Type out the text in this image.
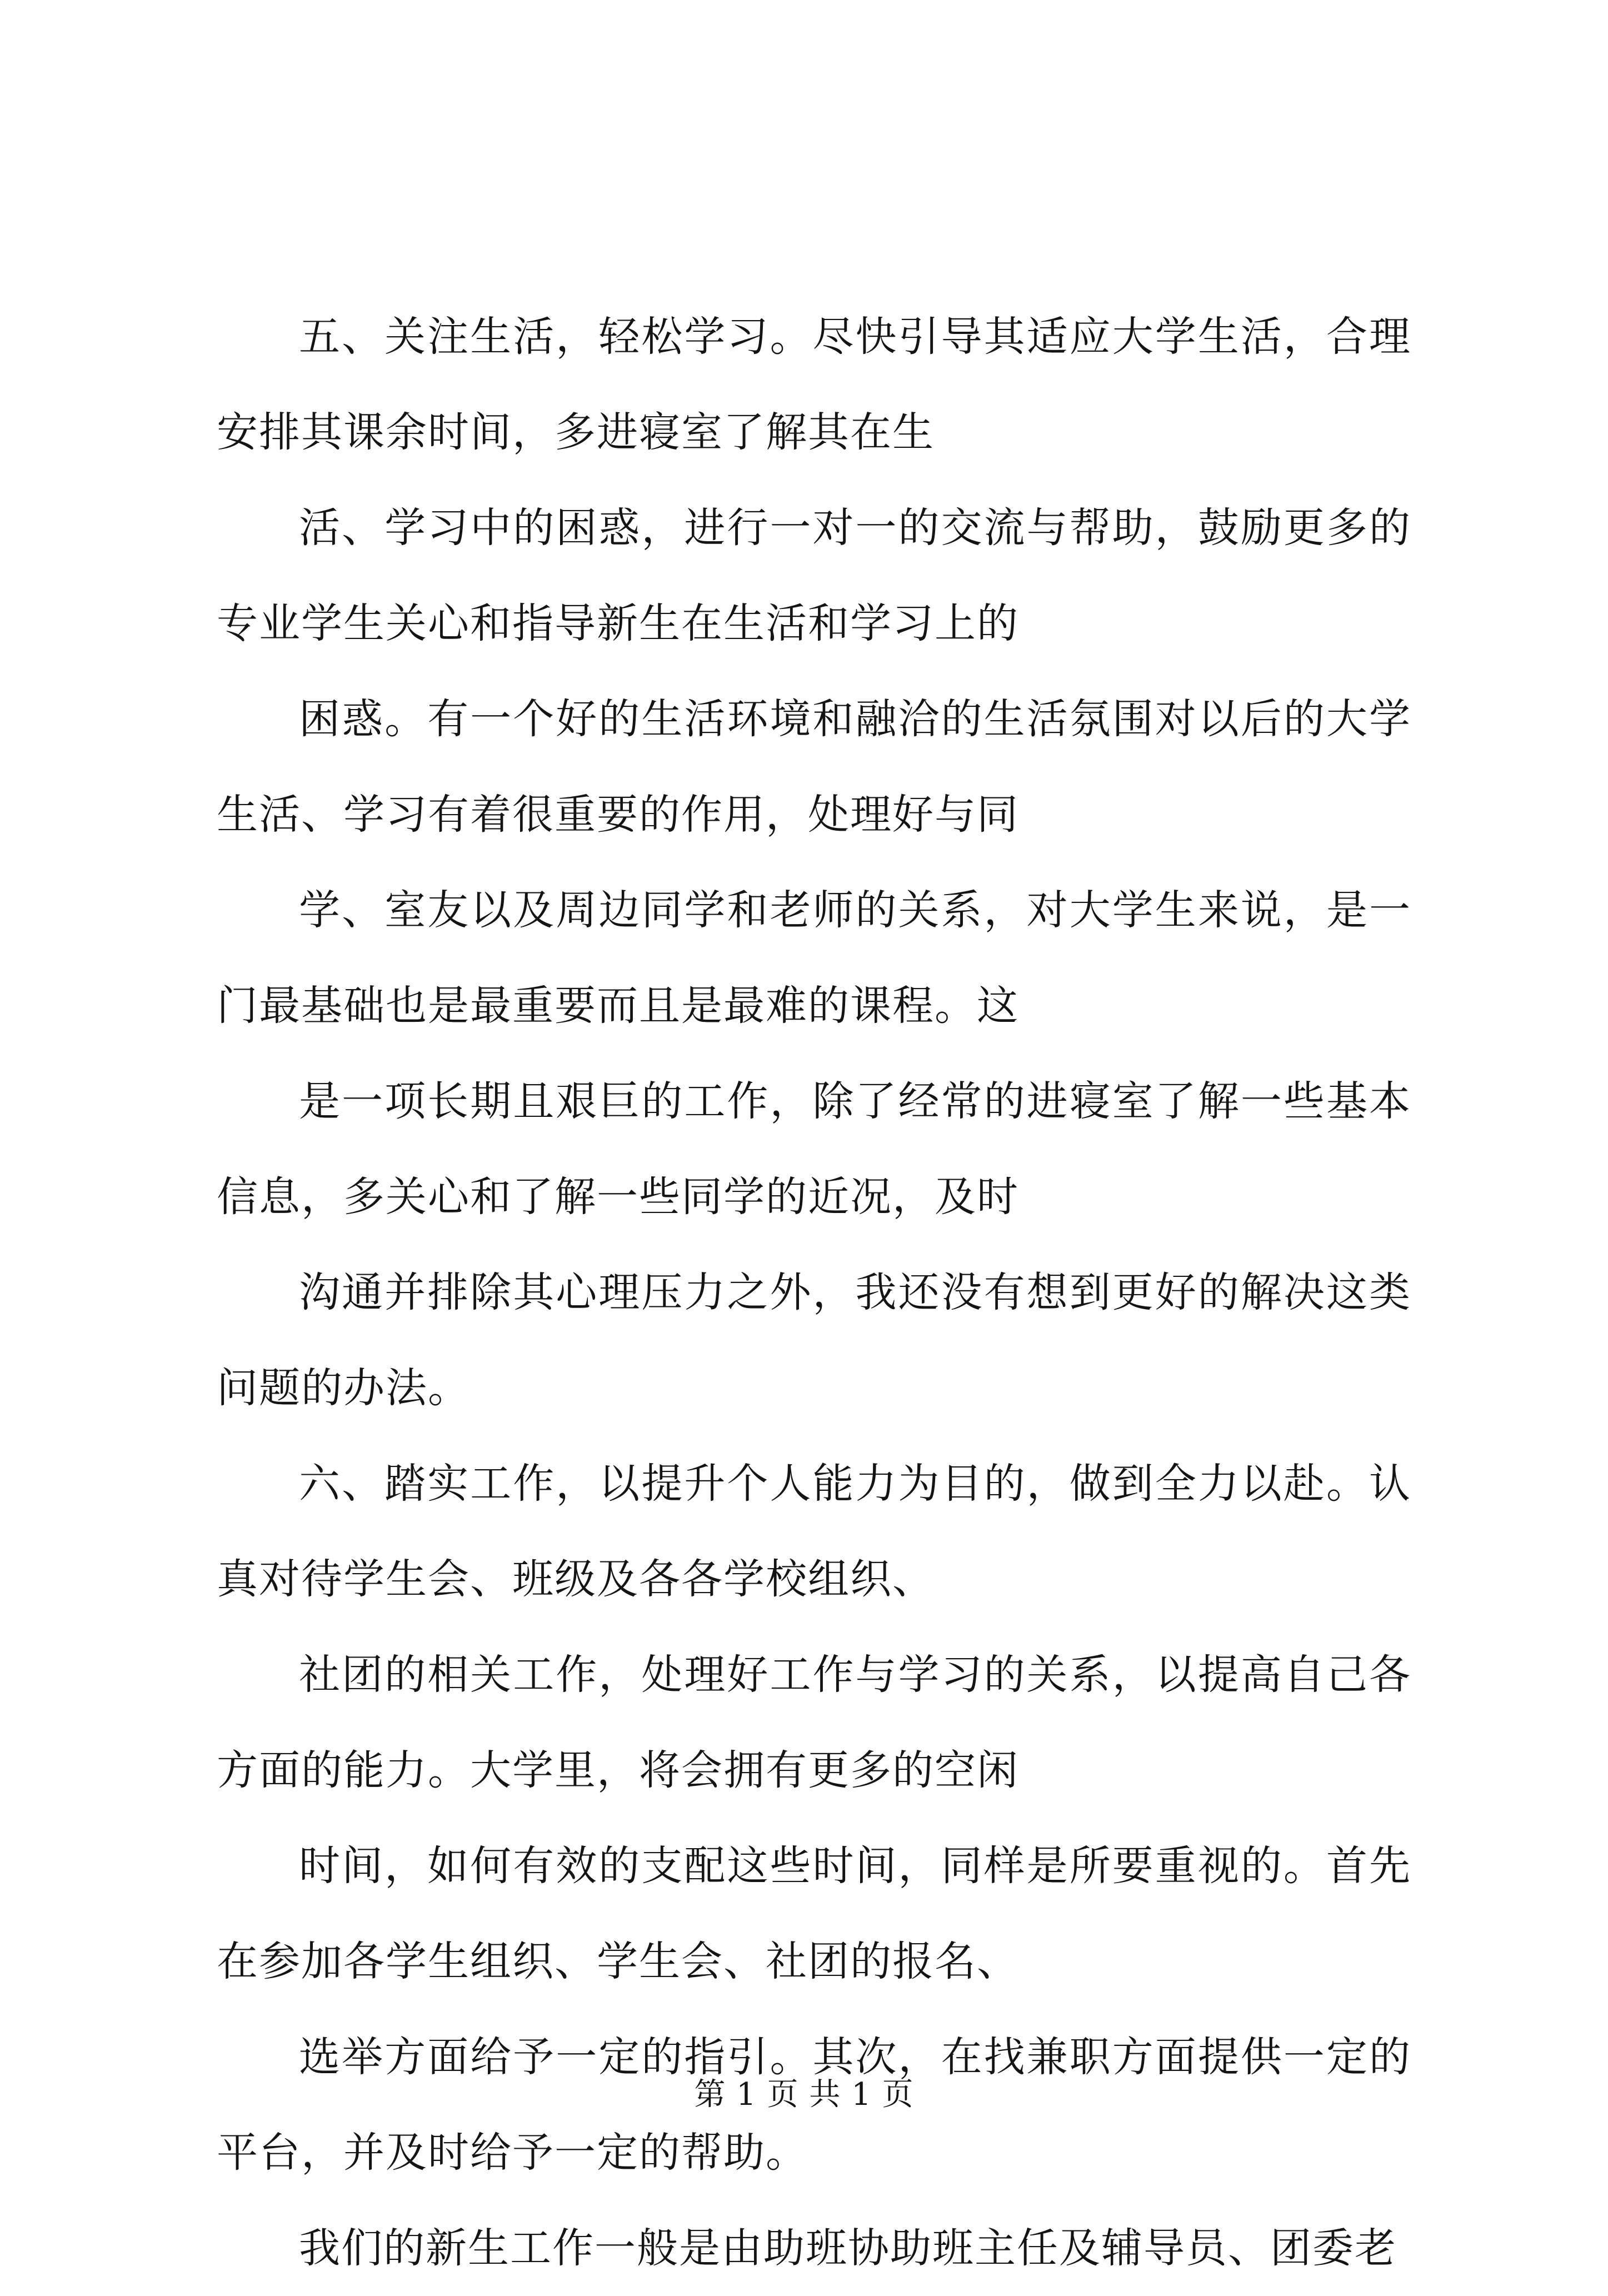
五、关注生活，轻松学习。尽快引导其适应大学生活，合理安排其课余时间，多进寝室了解其在生

活、学习中的困惑，进行一对一的交流与帮助，鼓励更多的专业学生关心和指导新生在生活和学习上的

困惑。有一个好的生活环境和融洽的生活氛围对以后的大学生活、学习有着很重要的作用，处理好与同

学、室友以及周边同学和老师的关系，对大学生来说，是一门最基础也是最重要而且是最难的课程。这

是一项长期且艰巨的工作，除了经常的进寝室了解一些基本信息，多关心和了解一些同学的近况，及时

沟通并排除其心理压力之外，我还没有想到更好的解决这类问题的办法。

六、踏实工作，以提升个人能力为目的，做到全力以赴。认真对待学生会、班级及各各学校组织、

社团的相关工作，处理好工作与学习的关系，以提高自己各方面的能力。大学里，将会拥有更多的空闲

时间，如何有效的支配这些时间，同样是所要重视的。首先在参加各学生组织、学生会、社团的报名、

选举方面给予一定的指引。其次，在找兼职方面提供一定的平台，并及时给予一定的帮助。

我们的新生工作一般是由助班协助班主任及辅导员、团委老

第 1 页 共 1 页
